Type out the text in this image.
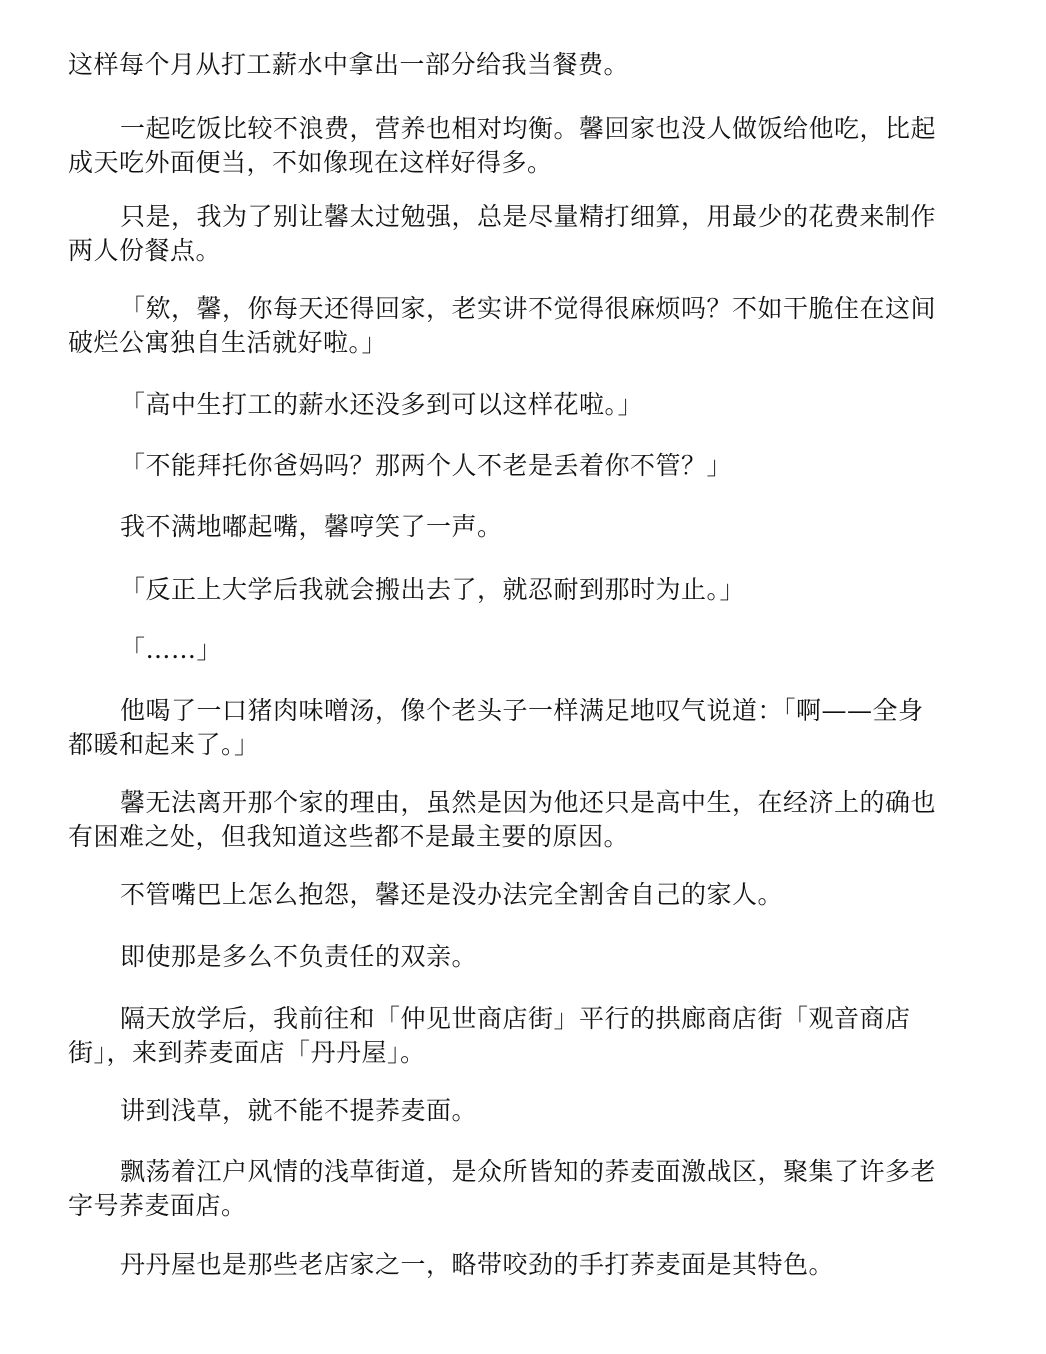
这样每个月从打工薪水中拿出一部分给我当餐费。

一起吃饭比较不浪费，营养也相对均衡。馨回家也没人做饭给他吃，比起
成天吃外面便当，不如像现在这样好得多。

只是，我为了别让馨太过勉强，总是尽量精打细算，用最少的花费来制作
两人份餐点。

「欸，馨，你每天还得回家，老实讲不觉得很麻烦吗？不如干脆住在这间
破烂公寓独自生活就好啦。」

「高中生打工的薪水还没多到可以这样花啦。」

「不能拜托你爸妈吗？那两个人不老是丢着你不管？」

我不满地嘟起嘴，馨哼笑了一声。

「反正上大学后我就会搬出去了，就忍耐到那时为止。」

「……」

他喝了一口猪肉味噌汤，像个老头子一样满足地叹气说道：「啊——全身
都暖和起来了。」

馨无法离开那个家的理由，虽然是因为他还只是高中生，在经济上的确也
有困难之处，但我知道这些都不是最主要的原因。

不管嘴巴上怎么抱怨，馨还是没办法完全割舍自己的家人。

即使那是多么不负责任的双亲。

隔天放学后，我前往和「仲见世商店街」平行的拱廊商店街「观音商店
街」，来到荞麦面店「丹丹屋」。

讲到浅草，就不能不提荞麦面。

飘荡着江户风情的浅草街道，是众所皆知的荞麦面激战区，聚集了许多老
字号荞麦面店。

丹丹屋也是那些老店家之一，略带咬劲的手打荞麦面是其特色。
